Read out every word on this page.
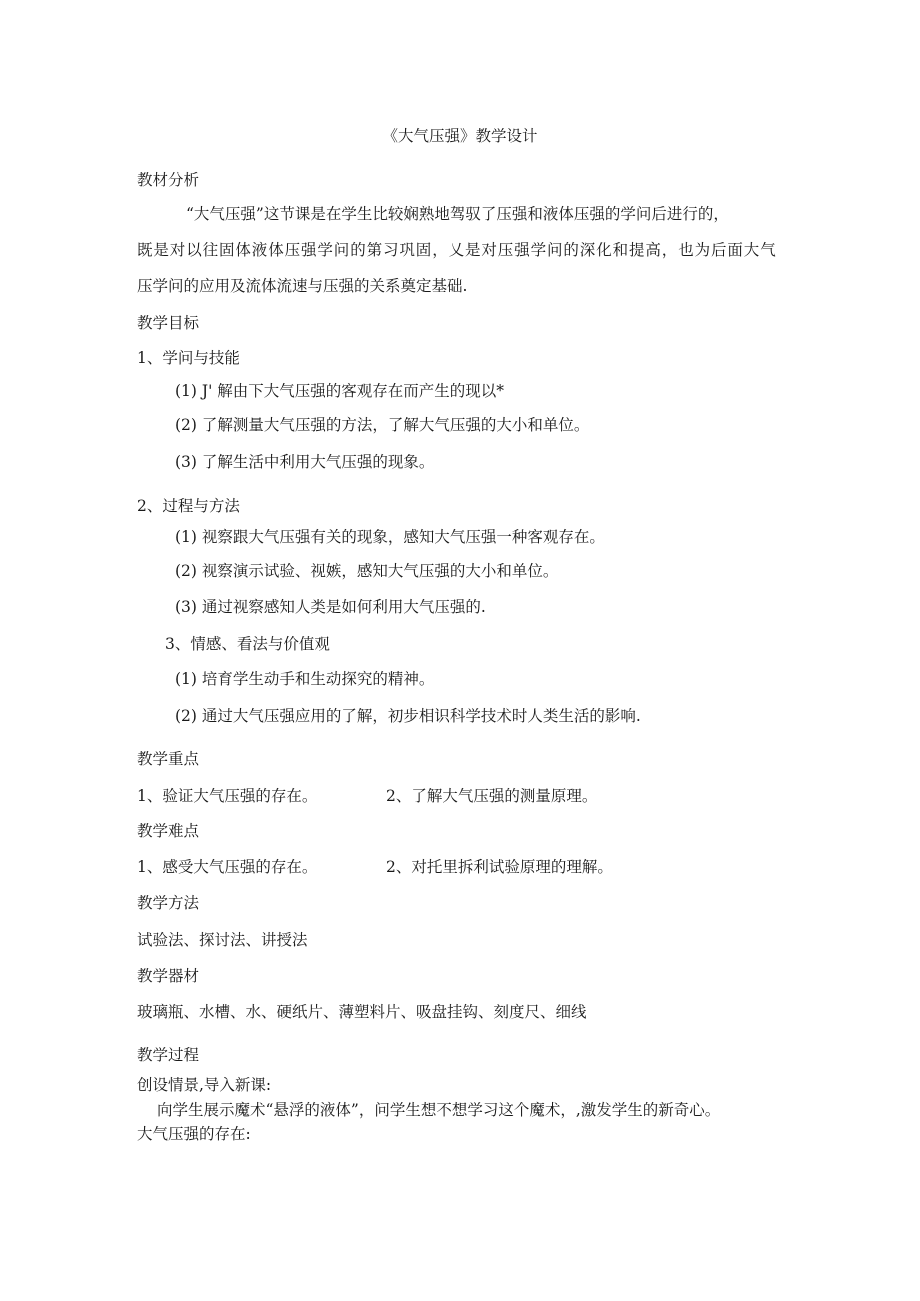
《大气压强》教学设计
教材分析
“大气压强”这节课是在学生比较娴熟地驾驭了压强和液体压强的学问后进行的，
既是对以往固体液体压强学问的第习巩固，乂是对压强学问的深化和提高，也为后面大气
压学问的应用及流体流速与压强的关系奠定基础.
教学目标
1、学问与技能
(1) J' 解由下大气压强的客观存在而产生的现以*
(2) 了解测量大气压强的方法，了解大气压强的大小和单位。
(3) 了解生活中利用大气压强的现象。
2、过程与方法
(1) 视察跟大气压强有关的现象，感知大气压强一种客观存在。
(2) 视察演示试验、视嫉，感知大气压强的大小和单位。
(3) 通过视察感知人类是如何利用大气压强的.
3、情感、看法与价值观
(1) 培育学生动手和生动探究的精神。
(2) 通过大气压强应用的了解，初步相识科学技术时人类生活的影响.
教学重点
1、验证大气压强的存在。	2、了解大气压强的测量原理。
教学难点
1、感受大气压强的存在。	2、对托里拆利试验原理的理解。
教学方法
试验法、探讨法、讲授法
教学器材
玻璃瓶、水槽、水、硬纸片、薄塑料片、吸盘挂钩、刻度尺、细线
教学过程
创设情景,导入新课:
向学生展示魔术“悬浮的液体”，问学生想不想学习这个魔术，,激发学生的新奇心。
大气压强的存在:
